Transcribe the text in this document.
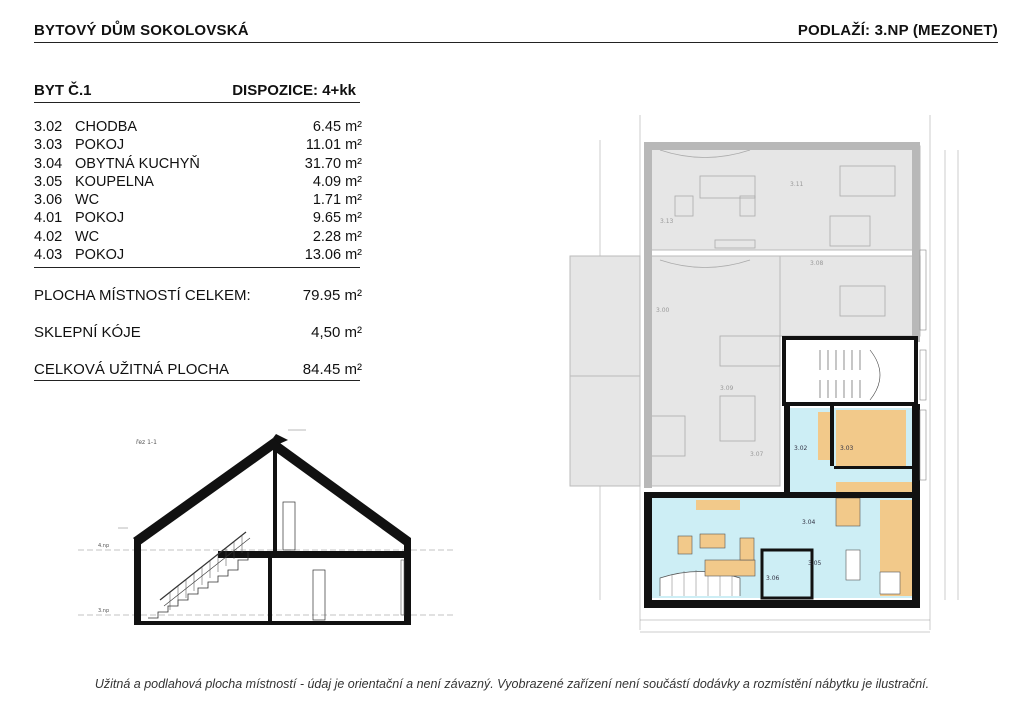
BYTOVÝ DŮM SOKOLOVSKÁ	PODLAŽÍ: 3.NP (MEZONET)
BYT Č.1	DISPOZICE: 4+kk
3.02 CHODBA	6.45 m²
3.03 POKOJ	11.01 m²
3.04 OBYTNÁ KUCHYŇ	31.70 m²
3.05 KOUPELNA	4.09 m²
3.06 WC	1.71 m²
4.01 POKOJ	9.65 m²
4.02 WC	2.28 m²
4.03 POKOJ	13.06 m²
PLOCHA MÍSTNOSTÍ CELKEM:	79.95 m²
SKLEPNÍ KÓJE	4,50 m²
CELKOVÁ UŽITNÁ PLOCHA	84.45 m²
řez 1-1
4.np
3.np
3.11
3.13
3.00
3.08
3.09
3.07
3.02	3.03
3.04
3.05
3.06
Užitná a podlahová plocha místností - údaj je orientační a není závazný. Vyobrazené zařízení není součástí dodávky a rozmístění nábytku je ilustrační.
